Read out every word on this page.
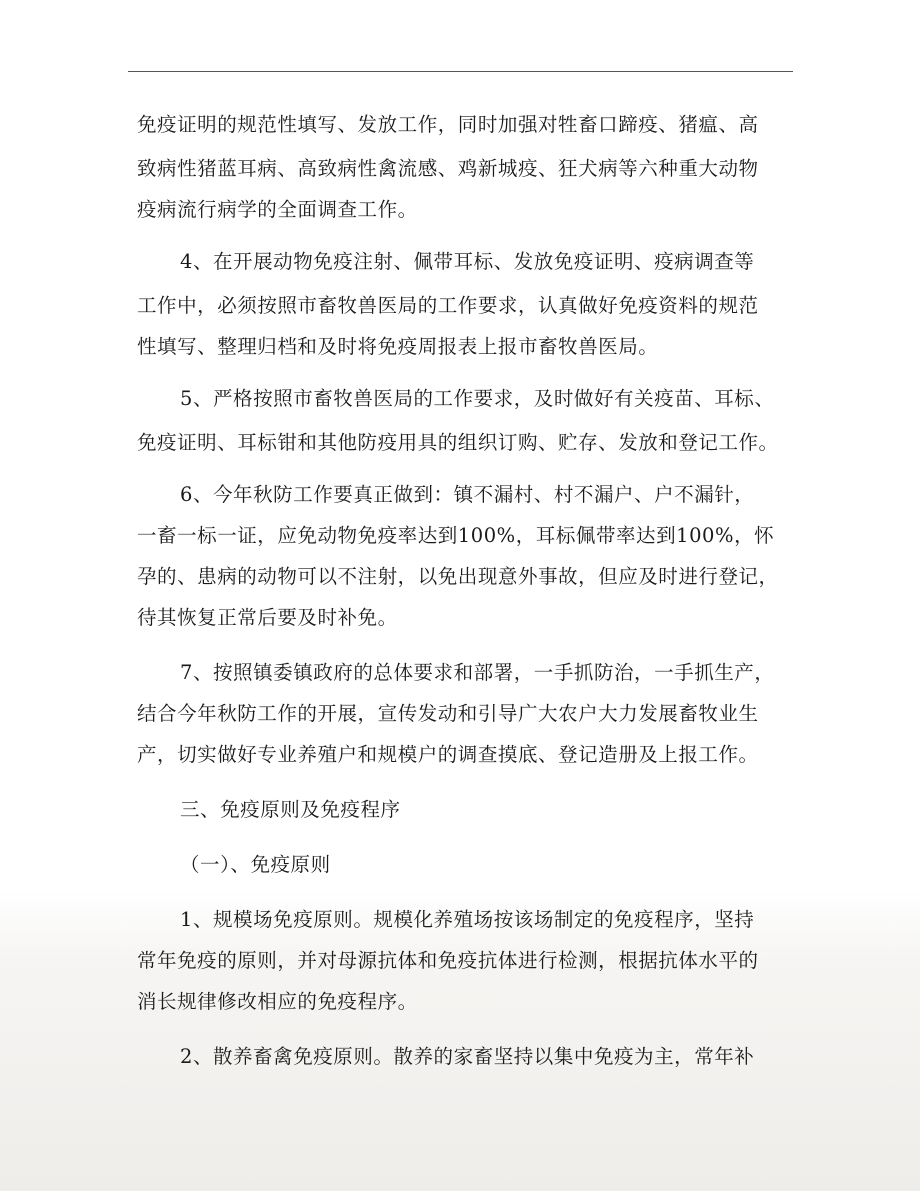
免疫证明的规范性填写、发放工作，同时加强对牲畜口蹄疫、猪瘟、高
致病性猪蓝耳病、高致病性禽流感、鸡新城疫、狂犬病等六种重大动物
疫病流行病学的全面调查工作。
4、在开展动物免疫注射、佩带耳标、发放免疫证明、疫病调查等
工作中，必须按照市畜牧兽医局的工作要求，认真做好免疫资料的规范
性填写、整理归档和及时将免疫周报表上报市畜牧兽医局。
5、严格按照市畜牧兽医局的工作要求，及时做好有关疫苗、耳标、
免疫证明、耳标钳和其他防疫用具的组织订购、贮存、发放和登记工作。
6、今年秋防工作要真正做到：镇不漏村、村不漏户、户不漏针，
一畜一标一证，应免动物免疫率达到100%，耳标佩带率达到100%，怀
孕的、患病的动物可以不注射，以免出现意外事故，但应及时进行登记，
待其恢复正常后要及时补免。
7、按照镇委镇政府的总体要求和部署，一手抓防治，一手抓生产，
结合今年秋防工作的开展，宣传发动和引导广大农户大力发展畜牧业生
产，切实做好专业养殖户和规模户的调查摸底、登记造册及上报工作。
三、免疫原则及免疫程序
（一）、免疫原则
1、规模场免疫原则。规模化养殖场按该场制定的免疫程序，坚持
常年免疫的原则，并对母源抗体和免疫抗体进行检测，根据抗体水平的
消长规律修改相应的免疫程序。
2、散养畜禽免疫原则。散养的家畜坚持以集中免疫为主，常年补
